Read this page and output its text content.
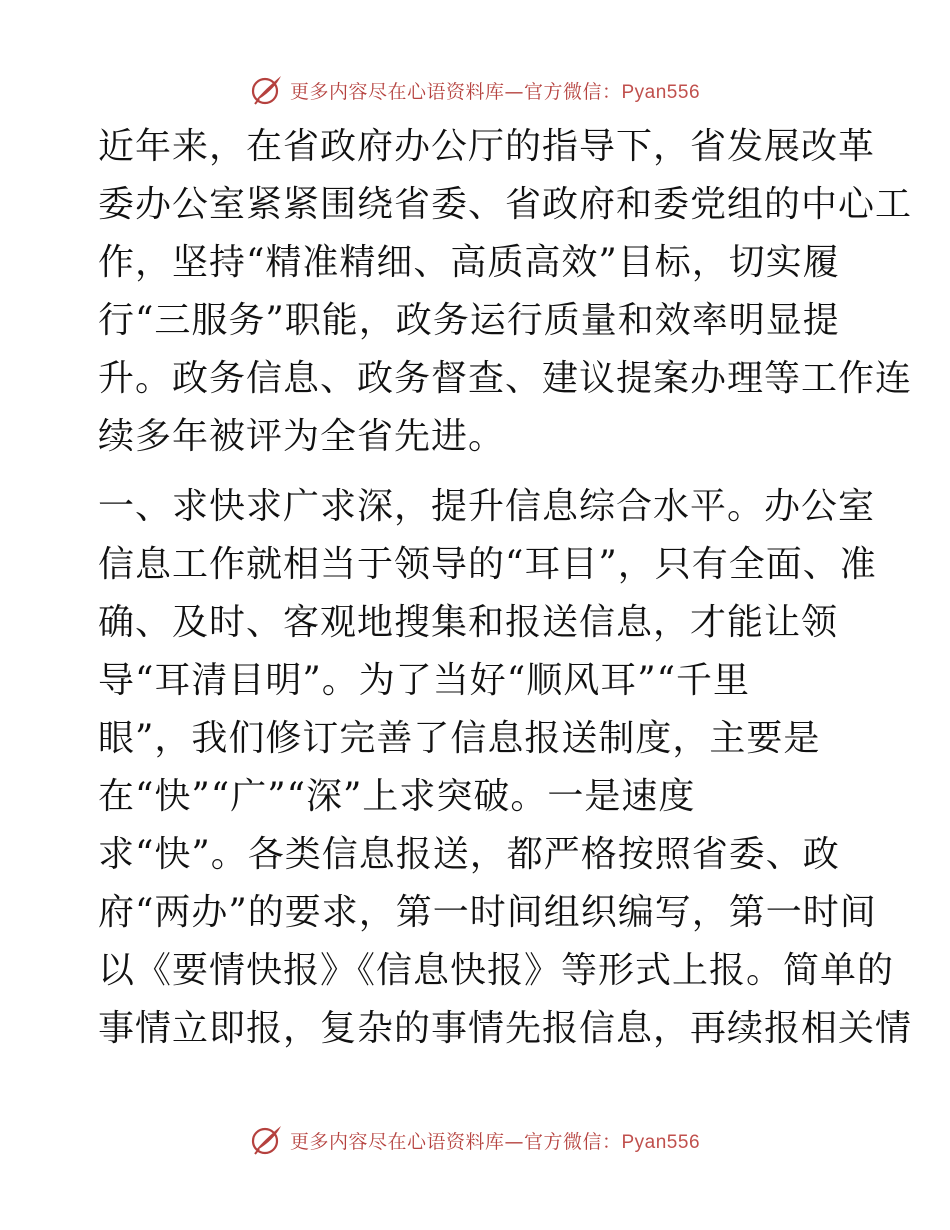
更多内容尽在心语资料库—官方微信：Pyan556
近年来，在省政府办公厅的指导下，省发展改革
委办公室紧紧围绕省委、省政府和委党组的中心工
作，坚持“精准精细、高质高效”目标，切实履
行“三服务”职能，政务运行质量和效率明显提
升。政务信息、政务督查、建议提案办理等工作连
续多年被评为全省先进。
一、求快求广求深，提升信息综合水平。办公室
信息工作就相当于领导的“耳目”，只有全面、准
确、及时、客观地搜集和报送信息，才能让领
导“耳清目明”。为了当好“顺风耳”“千里
眼”，我们修订完善了信息报送制度，主要是
在“快”“广”“深”上求突破。一是速度
求“快”。各类信息报送，都严格按照省委、政
府“两办”的要求，第一时间组织编写，第一时间
以《要情快报》《信息快报》等形式上报。简单的
事情立即报，复杂的事情先报信息，再续报相关情
更多内容尽在心语资料库—官方微信：Pyan556
